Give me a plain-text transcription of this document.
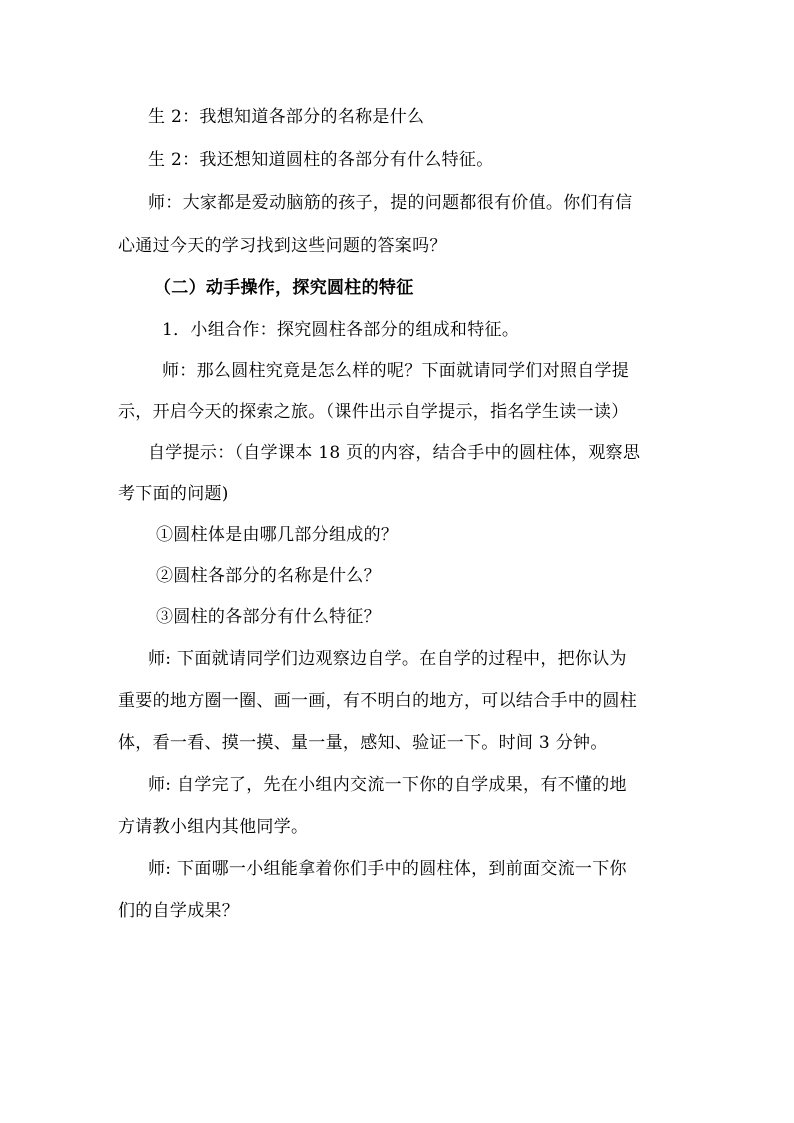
生 2：我想知道各部分的名称是什么
生 2：我还想知道圆柱的各部分有什么特征。
师：大家都是爱动脑筋的孩子，提的问题都很有价值。你们有信
心通过今天的学习找到这些问题的答案吗？
（二）动手操作，探究圆柱的特征
1．小组合作：探究圆柱各部分的组成和特征。
师：那么圆柱究竟是怎么样的呢？下面就请同学们对照自学提
示，开启今天的探索之旅。（课件出示自学提示，指名学生读一读）
自学提示：（自学课本 18 页的内容，结合手中的圆柱体，观察思
考下面的问题)
①圆柱体是由哪几部分组成的？
②圆柱各部分的名称是什么？
③圆柱的各部分有什么特征？
师: 下面就请同学们边观察边自学。在自学的过程中，把你认为
重要的地方圈一圈、画一画，有不明白的地方，可以结合手中的圆柱
体，看一看、摸一摸、量一量，感知、验证一下。时间 3 分钟。
师: 自学完了，先在小组内交流一下你的自学成果，有不懂的地
方请教小组内其他同学。
师: 下面哪一小组能拿着你们手中的圆柱体，到前面交流一下你
们的自学成果？
